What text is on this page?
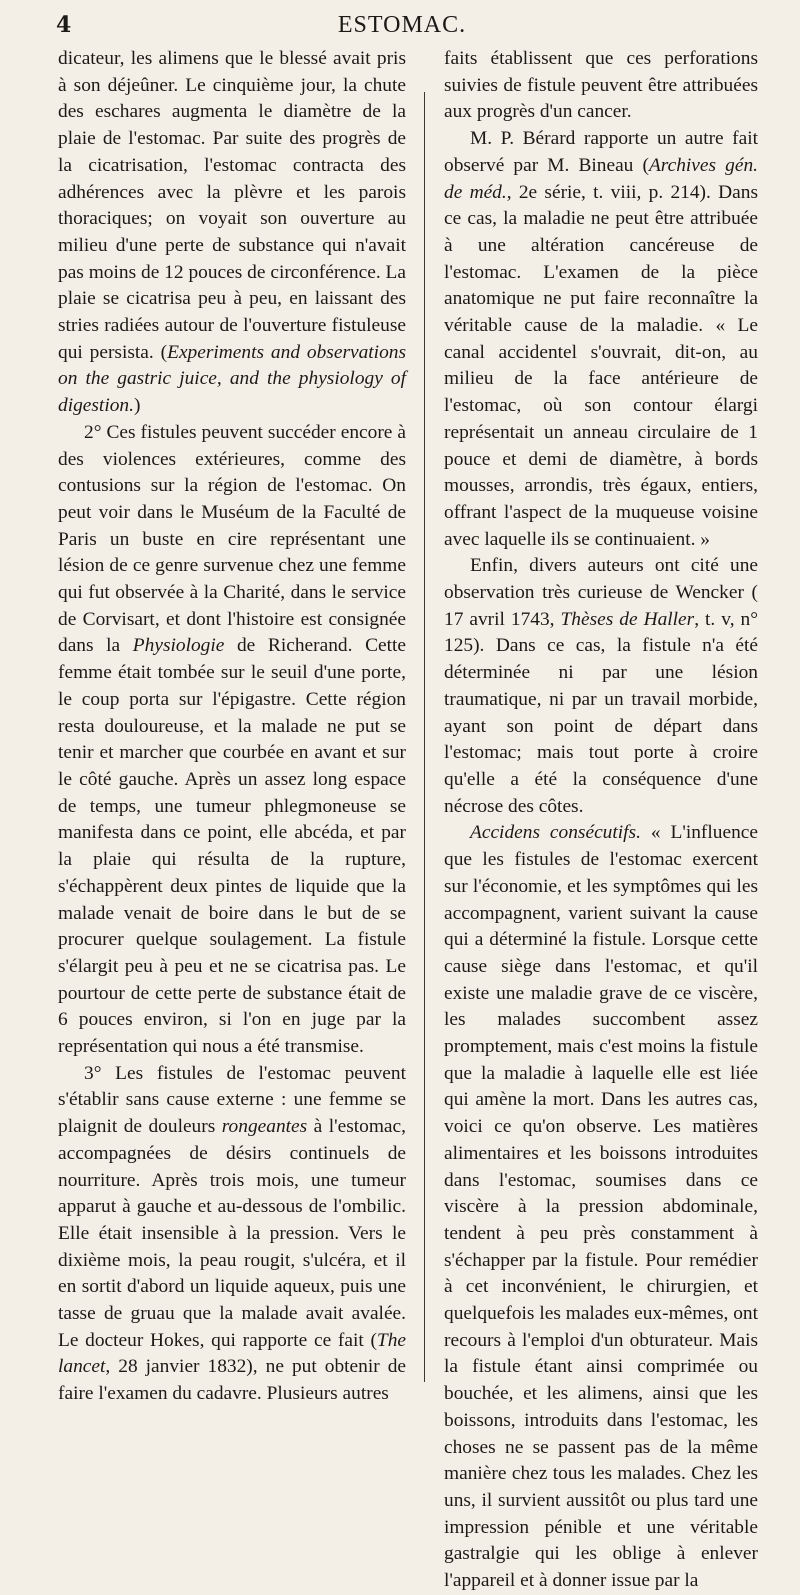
4	ESTOMAC.

dicateur, les alimens que le blessé avait pris à son déjeûner. Le cinquième jour, la chute des eschares augmenta le diamètre de la plaie de l'estomac. Par suite des progrès de la cicatrisation, l'estomac contracta des adhérences avec la plèvre et les parois thoraciques; on voyait son ouverture au milieu d'une perte de substance qui n'avait pas moins de 12 pouces de circonférence. La plaie se cicatrisa peu à peu, en laissant des stries radiées autour de l'ouverture fistuleuse qui persista. (Experiments and observations on the gastric juice, and the physiology of digestion.)

2° Ces fistules peuvent succéder encore à des violences extérieures, comme des contusions sur la région de l'estomac. On peut voir dans le Muséum de la Faculté de Paris un buste en cire représentant une lésion de ce genre survenue chez une femme qui fut observée à la Charité, dans le service de Corvisart, et dont l'histoire est consignée dans la Physiologie de Richerand. Cette femme était tombée sur le seuil d'une porte, le coup porta sur l'épigastre. Cette région resta douloureuse, et la malade ne put se tenir et marcher que courbée en avant et sur le côté gauche. Après un assez long espace de temps, une tumeur phlegmoneuse se manifesta dans ce point, elle abcéda, et par la plaie qui résulta de la rupture, s'échappèrent deux pintes de liquide que la malade venait de boire dans le but de se procurer quelque soulagement. La fistule s'élargit peu à peu et ne se cicatrisa pas. Le pourtour de cette perte de substance était de 6 pouces environ, si l'on en juge par la représentation qui nous a été transmise.

3° Les fistules de l'estomac peuvent s'établir sans cause externe : une femme se plaignit de douleurs rongeantes à l'estomac, accompagnées de désirs continuels de nourriture. Après trois mois, une tumeur apparut à gauche et au-dessous de l'ombilic. Elle était insensible à la pression. Vers le dixième mois, la peau rougit, s'ulcéra, et il en sortit d'abord un liquide aqueux, puis une tasse de gruau que la malade avait avalée. Le docteur Hokes, qui rapporte ce fait (The lancet, 28 janvier 1832), ne put obtenir de faire l'examen du cadavre. Plusieurs autres

faits établissent que ces perforations suivies de fistule peuvent être attribuées aux progrès d'un cancer.

M. P. Bérard rapporte un autre fait observé par M. Bineau (Archives gén. de méd., 2e série, t. viii, p. 214). Dans ce cas, la maladie ne peut être attribuée à une altération cancéreuse de l'estomac. L'examen de la pièce anatomique ne put faire reconnaître la véritable cause de la maladie. « Le canal accidentel s'ouvrait, dit-on, au milieu de la face antérieure de l'estomac, où son contour élargi représentait un anneau circulaire de 1 pouce et demi de diamètre, à bords mousses, arrondis, très égaux, entiers, offrant l'aspect de la muqueuse voisine avec laquelle ils se continuaient. »

Enfin, divers auteurs ont cité une observation très curieuse de Wencker ( 17 avril 1743, Thèses de Haller, t. v, n° 125). Dans ce cas, la fistule n'a été déterminée ni par une lésion traumatique, ni par un travail morbide, ayant son point de départ dans l'estomac; mais tout porte à croire qu'elle a été la conséquence d'une nécrose des côtes.

Accidens consécutifs. « L'influence que les fistules de l'estomac exercent sur l'économie, et les symptômes qui les accompagnent, varient suivant la cause qui a déterminé la fistule. Lorsque cette cause siège dans l'estomac, et qu'il existe une maladie grave de ce viscère, les malades succombent assez promptement, mais c'est moins la fistule que la maladie à laquelle elle est liée qui amène la mort. Dans les autres cas, voici ce qu'on observe. Les matières alimentaires et les boissons introduites dans l'estomac, soumises dans ce viscère à la pression abdominale, tendent à peu près constamment à s'échapper par la fistule. Pour remédier à cet inconvénient, le chirurgien, et quelquefois les malades eux-mêmes, ont recours à l'emploi d'un obturateur. Mais la fistule étant ainsi comprimée ou bouchée, et les alimens, ainsi que les boissons, introduits dans l'estomac, les choses ne se passent pas de la même manière chez tous les malades. Chez les uns, il survient aussitôt ou plus tard une impression pénible et une véritable gastralgie qui les oblige à enlever l'appareil et à donner issue par la
